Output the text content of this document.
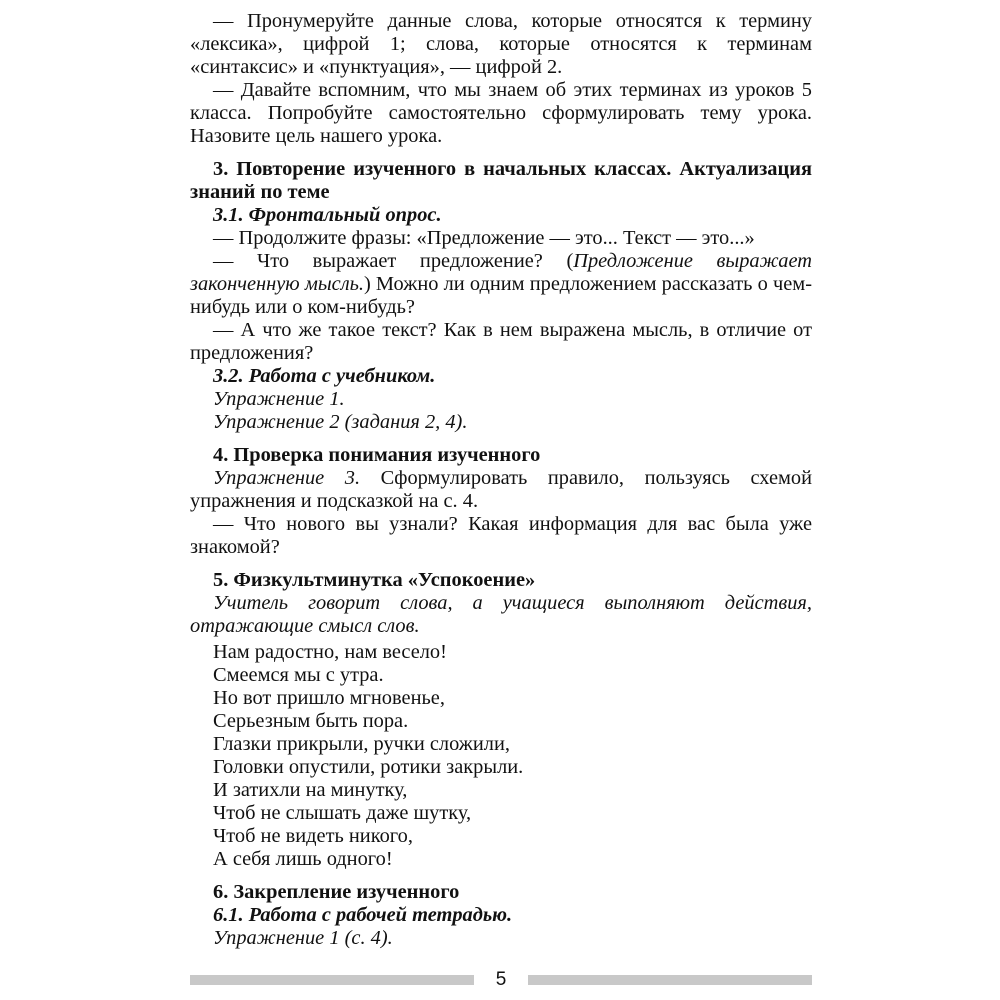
— Пронумеруйте данные слова, которые относятся к термину «лексика», цифрой 1; слова, которые относятся к терминам «синтаксис» и «пунктуация», — цифрой 2.

— Давайте вспомним, что мы знаем об этих терминах из уроков 5 класса. Попробуйте самостоятельно сформулировать тему урока. Назовите цель нашего урока.

3. Повторение изученного в начальных классах. Актуализация знаний по теме

3.1. Фронтальный опрос.

— Продолжите фразы: «Предложение — это... Текст — это...»

— Что выражает предложение? (Предложение выражает законченную мысль.) Можно ли одним предложением рассказать о чем-нибудь или о ком-нибудь?

— А что же такое текст? Как в нем выражена мысль, в отличие от предложения?

3.2. Работа с учебником.

Упражнение 1.

Упражнение 2 (задания 2, 4).

4. Проверка понимания изученного

Упражнение 3. Сформулировать правило, пользуясь схемой упражнения и подсказкой на с. 4.

— Что нового вы узнали? Какая информация для вас была уже знакомой?

5. Физкультминутка «Успокоение»

Учитель говорит слова, а учащиеся выполняют действия, отражающие смысл слов.

Нам радостно, нам весело!

Смеемся мы с утра.

Но вот пришло мгновенье,

Серьезным быть пора.

Глазки прикрыли, ручки сложили,

Головки опустили, ротики закрыли.

И затихли на минутку,

Чтоб не слышать даже шутку,

Чтоб не видеть никого,

А себя лишь одного!

6. Закрепление изученного

6.1. Работа с рабочей тетрадью.

Упражнение 1 (с. 4).

5
